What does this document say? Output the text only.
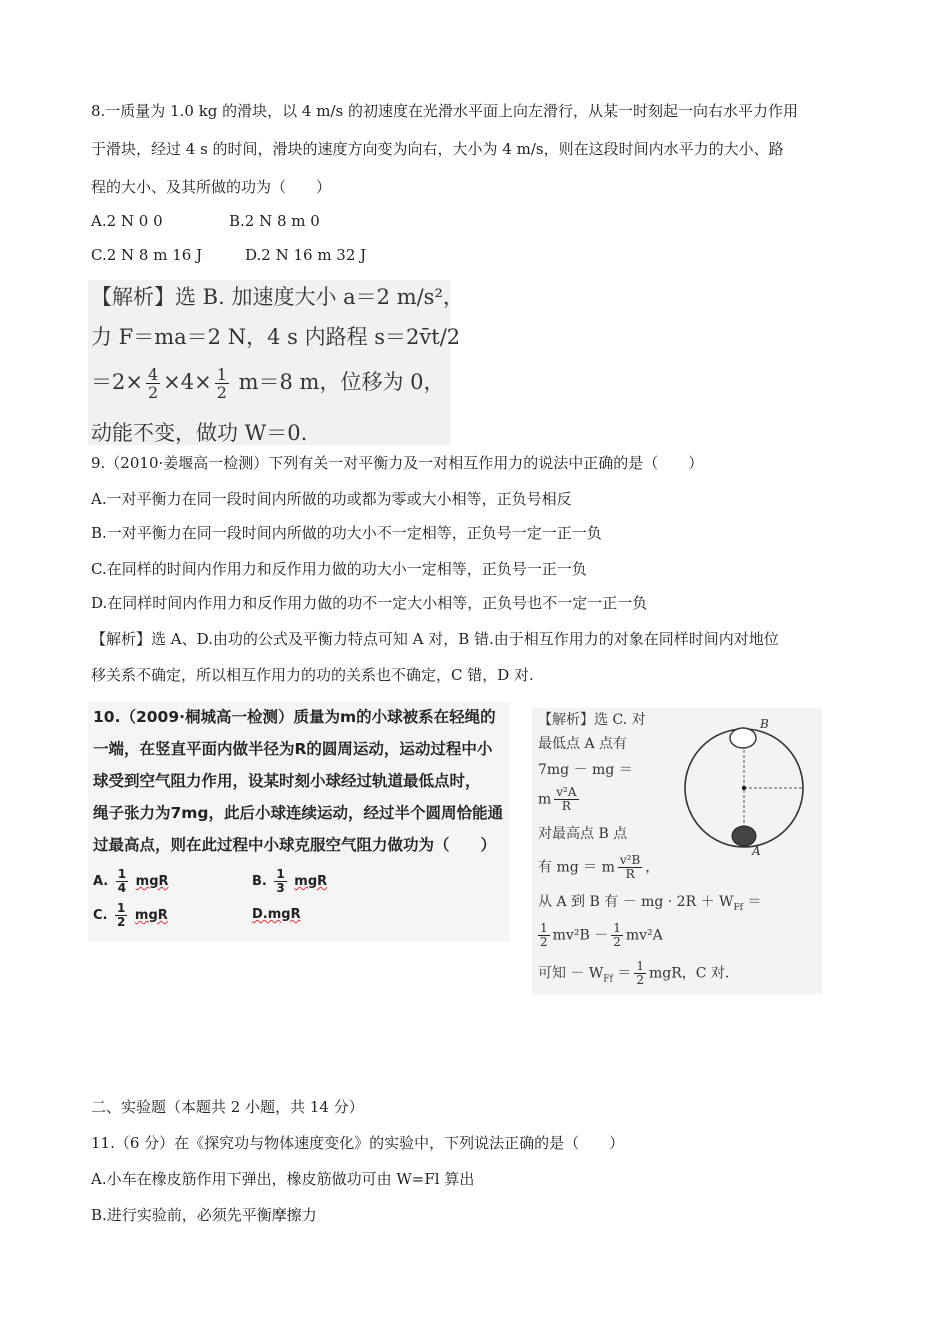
8.一质量为 1.0 kg 的滑块，以 4 m/s 的初速度在光滑水平面上向左滑行，从某一时刻起一向右水平力作用
于滑块，经过 4 s 的时间，滑块的速度方向变为向右，大小为 4 m/s，则在这段时间内水平力的大小、路
程的大小、及其所做的功为（　　）
A.2 N 0 0	B.2 N 8 m 0
C.2 N 8 m 16 J	D.2 N 16 m 32 J
【解析】选 B. 加速度大小 a＝2 m/s²，
力 F＝ma＝2 N，4 s 内路程 s＝2v̄t/2
$=2\times \frac{4}{2} \times 4\times \frac{1}{2} m=8$ m，位移为 0，
动能不变，做功 W＝0.
9.（2010·姜堰高一检测）下列有关一对平衡力及一对相互作用力的说法中正确的是（　　）
A.一对平衡力在同一段时间内所做的功或都为零或大小相等，正负号相反
B.一对平衡力在同一段时间内所做的功大小不一定相等，正负号一定一正一负
C.在同样的时间内作用力和反作用力做的功大小一定相等，正负号一正一负
D.在同样时间内作用力和反作用力做的功不一定大小相等，正负号也不一定一正一负
【解析】选 A、D.由功的公式及平衡力特点可知 A 对，B 错.由于相互作用力的对象在同样时间内对地位
移关系不确定，所以相互作用力的功的关系也不确定，C 错，D 对.
10.（2009·桐城高一检测）质量为m的小球被系在轻绳的
一端，在竖直平面内做半径为R的圆周运动，运动过程中小
球受到空气阻力作用，设某时刻小球经过轨道最低点时，
绳子张力为7mg，此后小球连续运动，经过半个圆周恰能通
过最高点，则在此过程中小球克服空气阻力做功为（　　）
A. $\frac{1}{4}$ mgR	B. $\frac{1}{3}$ mgR
C. $\frac{1}{2}$ mgR	D.mgR
【解析】选 C. 对
最低点 A 点有
7mg － mg ＝
m $\frac{\text{v²A}}{R}$
对最高点 B 点
有 mg ＝ m $\frac{\text{v²B}}{R}$ ，
从 A 到 B 有 － mg · $2R + W_{Ff}$ ＝
$\frac{1}{2} mv^2B - \frac{1}{2} mv^2A$
可知 － $W_{Ff} = \frac{1}{2}$ mgR，C 对.
B
A
二、实验题（本题共 2 小题，共 14 分）
11.（6 分）在《探究功与物体速度变化》的实验中，下列说法正确的是（　　）
A.小车在橡皮筋作用下弹出，橡皮筋做功可由 W=Fl 算出
B.进行实验前，必须先平衡摩擦力
